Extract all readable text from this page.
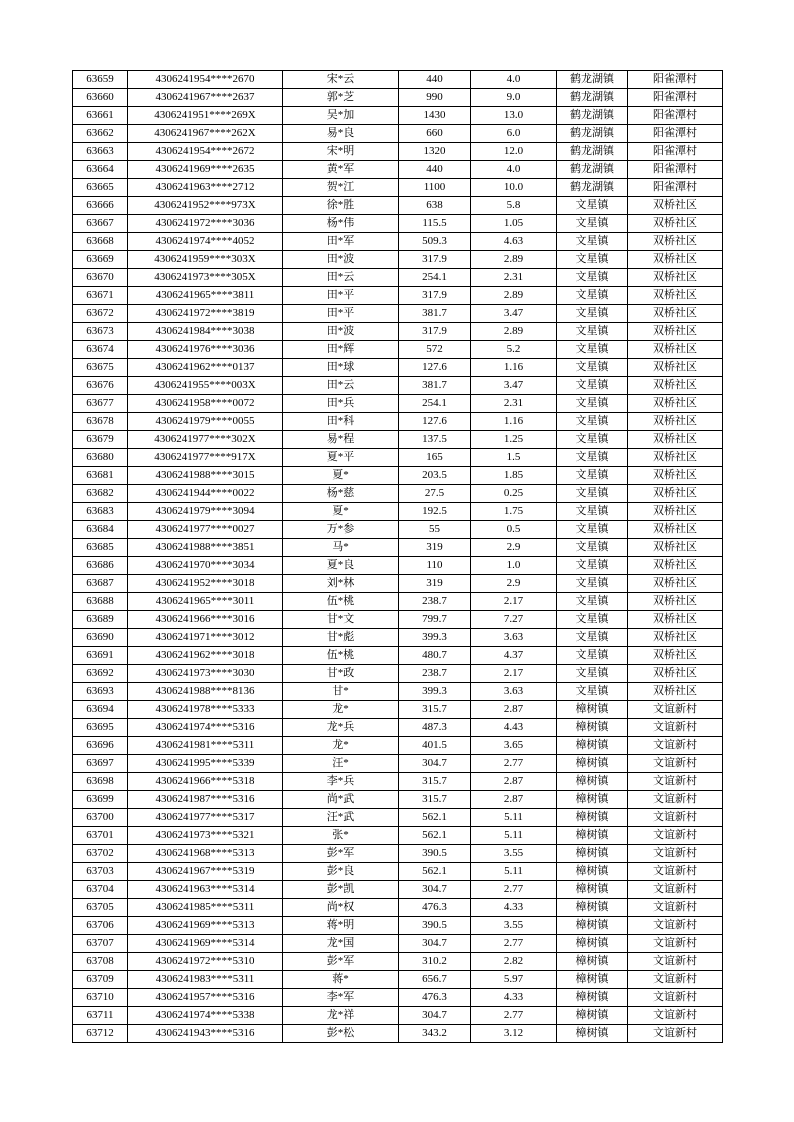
63659	4306241954****2670	宋*云	440	4.0	鹤龙湖镇	阳雀潭村
63660	4306241967****2637	郭*芝	990	9.0	鹤龙湖镇	阳雀潭村
63661	4306241951****269X	吴*加	1430	13.0	鹤龙湖镇	阳雀潭村
63662	4306241967****262X	易*良	660	6.0	鹤龙湖镇	阳雀潭村
63663	4306241954****2672	宋*明	1320	12.0	鹤龙湖镇	阳雀潭村
63664	4306241969****2635	黄*军	440	4.0	鹤龙湖镇	阳雀潭村
63665	4306241963****2712	贺*江	1100	10.0	鹤龙湖镇	阳雀潭村
63666	4306241952****973X	徐*胜	638	5.8	文星镇	双桥社区
63667	4306241972****3036	杨*伟	115.5	1.05	文星镇	双桥社区
63668	4306241974****4052	田*军	509.3	4.63	文星镇	双桥社区
63669	4306241959****303X	田*波	317.9	2.89	文星镇	双桥社区
63670	4306241973****305X	田*云	254.1	2.31	文星镇	双桥社区
63671	4306241965****3811	田*平	317.9	2.89	文星镇	双桥社区
63672	4306241972****3819	田*平	381.7	3.47	文星镇	双桥社区
63673	4306241984****3038	田*波	317.9	2.89	文星镇	双桥社区
63674	4306241976****3036	田*辉	572	5.2	文星镇	双桥社区
63675	4306241962****0137	田*球	127.6	1.16	文星镇	双桥社区
63676	4306241955****003X	田*云	381.7	3.47	文星镇	双桥社区
63677	4306241958****0072	田*兵	254.1	2.31	文星镇	双桥社区
63678	4306241979****0055	田*科	127.6	1.16	文星镇	双桥社区
63679	4306241977****302X	易*程	137.5	1.25	文星镇	双桥社区
63680	4306241977****917X	夏*平	165	1.5	文星镇	双桥社区
63681	4306241988****3015	夏*	203.5	1.85	文星镇	双桥社区
63682	4306241944****0022	杨*慈	27.5	0.25	文星镇	双桥社区
63683	4306241979****3094	夏*	192.5	1.75	文星镇	双桥社区
63684	4306241977****0027	万*参	55	0.5	文星镇	双桥社区
63685	4306241988****3851	马*	319	2.9	文星镇	双桥社区
63686	4306241970****3034	夏*良	110	1.0	文星镇	双桥社区
63687	4306241952****3018	刘*林	319	2.9	文星镇	双桥社区
63688	4306241965****3011	伍*桃	238.7	2.17	文星镇	双桥社区
63689	4306241966****3016	甘*文	799.7	7.27	文星镇	双桥社区
63690	4306241971****3012	甘*彪	399.3	3.63	文星镇	双桥社区
63691	4306241962****3018	伍*桃	480.7	4.37	文星镇	双桥社区
63692	4306241973****3030	甘*政	238.7	2.17	文星镇	双桥社区
63693	4306241988****8136	甘*	399.3	3.63	文星镇	双桥社区
63694	4306241978****5333	龙*	315.7	2.87	樟树镇	文谊新村
63695	4306241974****5316	龙*兵	487.3	4.43	樟树镇	文谊新村
63696	4306241981****5311	龙*	401.5	3.65	樟树镇	文谊新村
63697	4306241995****5339	汪*	304.7	2.77	樟树镇	文谊新村
63698	4306241966****5318	李*兵	315.7	2.87	樟树镇	文谊新村
63699	4306241987****5316	尚*武	315.7	2.87	樟树镇	文谊新村
63700	4306241977****5317	汪*武	562.1	5.11	樟树镇	文谊新村
63701	4306241973****5321	张*	562.1	5.11	樟树镇	文谊新村
63702	4306241968****5313	彭*军	390.5	3.55	樟树镇	文谊新村
63703	4306241967****5319	彭*良	562.1	5.11	樟树镇	文谊新村
63704	4306241963****5314	彭*凯	304.7	2.77	樟树镇	文谊新村
63705	4306241985****5311	尚*权	476.3	4.33	樟树镇	文谊新村
63706	4306241969****5313	蒋*明	390.5	3.55	樟树镇	文谊新村
63707	4306241969****5314	龙*国	304.7	2.77	樟树镇	文谊新村
63708	4306241972****5310	彭*军	310.2	2.82	樟树镇	文谊新村
63709	4306241983****5311	蒋*	656.7	5.97	樟树镇	文谊新村
63710	4306241957****5316	李*军	476.3	4.33	樟树镇	文谊新村
63711	4306241974****5338	龙*祥	304.7	2.77	樟树镇	文谊新村
63712	4306241943****5316	彭*松	343.2	3.12	樟树镇	文谊新村
